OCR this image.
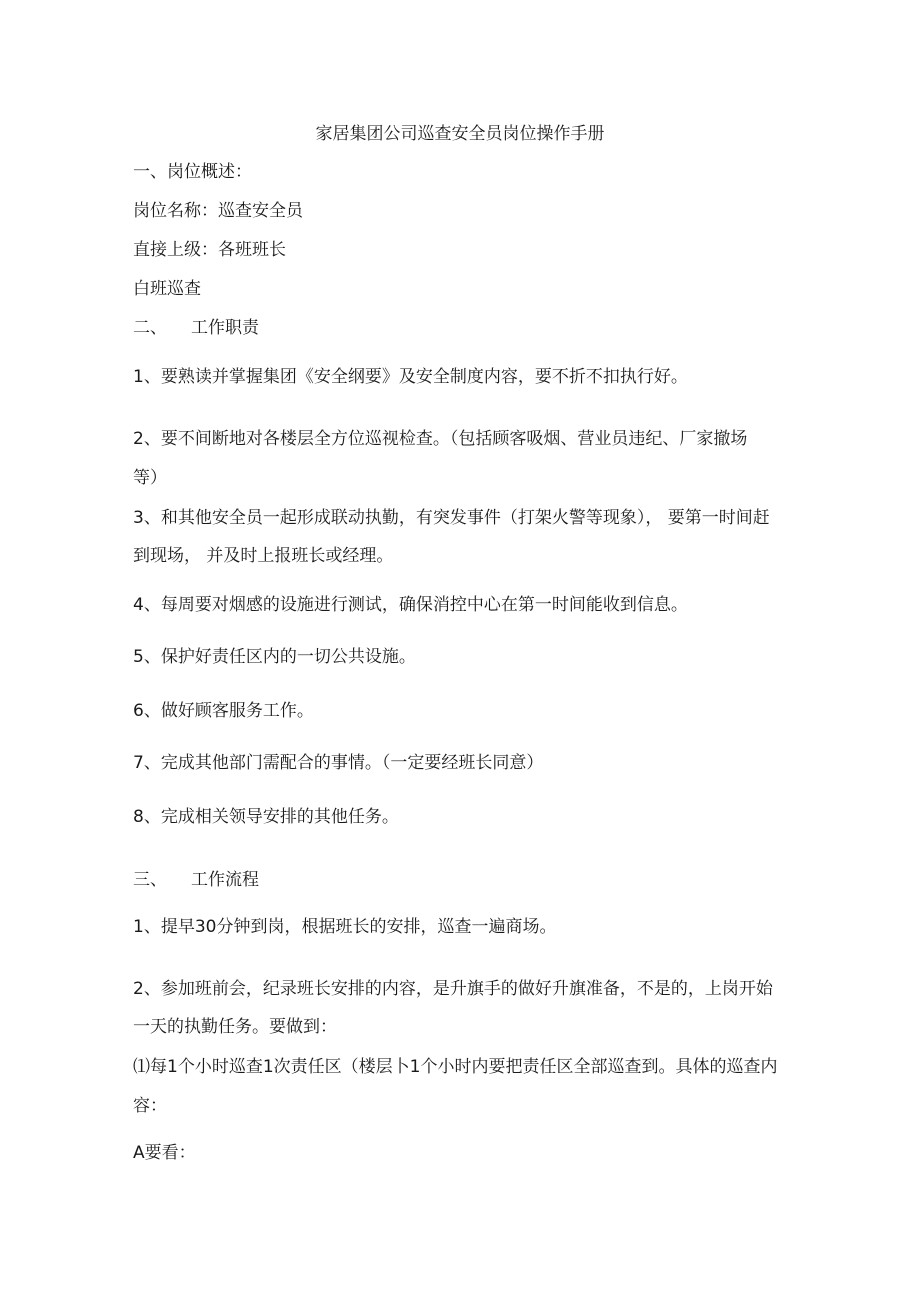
家居集团公司巡查安全员岗位操作手册
一、岗位概述：
岗位名称：巡查安全员
直接上级：各班班长
白班巡查
二、 工作职责
1、要熟读并掌握集团《安全纲要》及安全制度内容，要不折不扣执行好。
2、要不间断地对各楼层全方位巡视检查。（包括顾客吸烟、营业员违纪、厂家撤场
等）
3、和其他安全员一起形成联动执勤，有突发事件（打架火警等现象）， 要第一时间赶
到现场， 并及时上报班长或经理。
4、每周要对烟感的设施进行测试，确保消控中心在第一时间能收到信息。
5、保护好责任区内的一切公共设施。
6、做好顾客服务工作。
7、完成其他部门需配合的事情。（一定要经班长同意）
8、完成相关领导安排的其他任务。
三、 工作流程
1、提早30分钟到岗，根据班长的安排，巡查一遍商场。
2、参加班前会，纪录班长安排的内容，是升旗手的做好升旗准备，不是的，上岗开始
一天的执勤任务。要做到：
⑴每1个小时巡查1次责任区（楼层卜1个小时内要把责任区全部巡查到。具体的巡查内
容：
A要看：
